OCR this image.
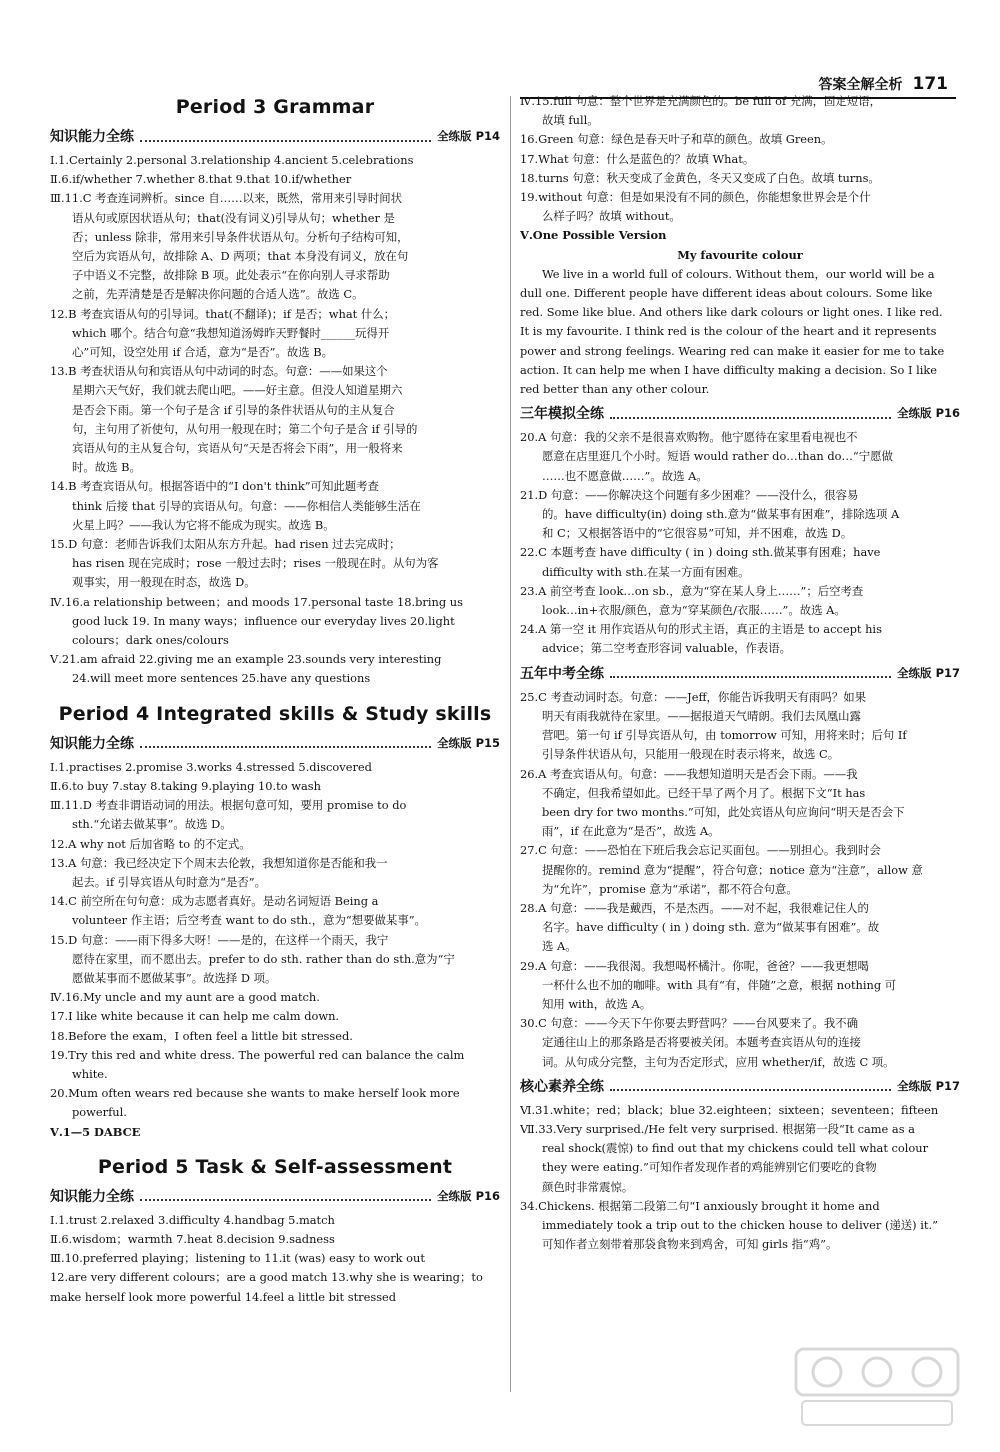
答案全解全析 171
Period 3 Grammar
知识能力全练	全练版 P14

Ⅰ.1.Certainly 2.personal 3.relationship 4.ancient 5.celebrations

Ⅱ.6.if/whether 7.whether 8.that 9.that 10.if/whether

Ⅲ.11.C 考查连词辨析。since 自……以来，既然，常用来引导时间状

语从句或原因状语从句；that(没有词义)引导从句；whether 是

否；unless 除非，常用来引导条件状语从句。分析句子结构可知，

空后为宾语从句，故排除 A、D 两项；that 本身没有词义，放在句

子中语义不完整，故排除 B 项。此处表示“在你向别人寻求帮助

之前，先弄清楚是否是解决你问题的合适人选”。故选 C。

12.B 考查宾语从句的引导词。that(不翻译)；if 是否；what 什么；

which 哪个。结合句意“我想知道汤姆昨天野餐时______玩得开

心”可知，设空处用 if 合适，意为“是否”。故选 B。

13.B 考查状语从句和宾语从句中动词的时态。句意：——如果这个

星期六天气好，我们就去爬山吧。——好主意。但没人知道星期六

是否会下雨。第一个句子是含 if 引导的条件状语从句的主从复合

句，主句用了祈使句，从句用一般现在时；第二个句子是含 if 引导的

宾语从句的主从复合句，宾语从句“天是否将会下雨”，用一般将来

时。故选 B。

14.B 考查宾语从句。根据答语中的“I don't think”可知此题考查

think 后接 that 引导的宾语从句。句意：——你相信人类能够生活在

火星上吗？——我认为它将不能成为现实。故选 B。

15.D 句意：老师告诉我们太阳从东方升起。had risen 过去完成时；

has risen 现在完成时；rose 一般过去时；rises 一般现在时。从句为客

观事实，用一般现在时态，故选 D。

Ⅳ.16.a relationship between；and moods 17.personal taste 18.bring us

good luck 19. In many ways；influence our everyday lives 20.light

colours；dark ones/colours

Ⅴ.21.am afraid 22.giving me an example 23.sounds very interesting

24.will meet more sentences 25.have any questions

Period 4 Integrated skills & Study skills
知识能力全练	全练版 P15

Ⅰ.1.practises 2.promise 3.works 4.stressed 5.discovered

Ⅱ.6.to buy 7.stay 8.taking 9.playing 10.to wash

Ⅲ.11.D 考查非谓语动词的用法。根据句意可知，要用 promise to do

sth.“允诺去做某事”。故选 D。

12.A why not 后加省略 to 的不定式。

13.A 句意：我已经决定下个周末去伦敦，我想知道你是否能和我一

起去。if 引导宾语从句时意为“是否”。

14.C 前空所在句句意：成为志愿者真好。是动名词短语 Being a

volunteer 作主语；后空考查 want to do sth.，意为“想要做某事”。

15.D 句意：——雨下得多大呀！——是的，在这样一个雨天，我宁

愿待在家里，而不愿出去。prefer to do sth. rather than do sth.意为“宁

愿做某事而不愿做某事”。故选择 D 项。

Ⅳ.16.My uncle and my aunt are a good match.

17.I like white because it can help me calm down.

18.Before the exam，I often feel a little bit stressed.

19.Try this red and white dress. The powerful red can balance the calm

white.

20.Mum often wears red because she wants to make herself look more

powerful.

Ⅴ.1—5 DABCE

Period 5 Task & Self-assessment
知识能力全练	全练版 P16

Ⅰ.1.trust 2.relaxed 3.difficulty 4.handbag 5.match

Ⅱ.6.wisdom；warmth 7.heat 8.decision 9.sadness

Ⅲ.10.preferred playing；listening to 11.it (was) easy to work out

12.are very different colours；are a good match 13.why she is wearing；to

make herself look more powerful 14.feel a little bit stressed

Ⅳ.15.full 句意：整个世界是充满颜色的。be full of 充满，固定短语，

故填 full。

16.Green 句意：绿色是春天叶子和草的颜色。故填 Green。

17.What 句意：什么是蓝色的？故填 What。

18.turns 句意：秋天变成了金黄色，冬天又变成了白色。故填 turns。

19.without 句意：但是如果没有不同的颜色，你能想象世界会是个什

么样子吗？故填 without。

Ⅴ.One Possible Version

My favourite colour

We live in a world full of colours. Without them，our world will be a

dull one. Different people have different ideas about colours. Some like

red. Some like blue. And others like dark colours or light ones. I like red.

It is my favourite. I think red is the colour of the heart and it represents

power and strong feelings. Wearing red can make it easier for me to take

action. It can help me when I have difficulty making a decision. So I like

red better than any other colour.

三年模拟全练	全练版 P16

20.A 句意：我的父亲不是很喜欢购物。他宁愿待在家里看电视也不

愿意在店里逛几个小时。短语 would rather do…than do…“宁愿做

……也不愿意做……”。故选 A。

21.D 句意：——你解决这个问题有多少困难？——没什么，很容易

的。have difficulty(in) doing sth.意为“做某事有困难”，排除选项 A

和 C；又根据答语中的“它很容易”可知，并不困难，故选 D。

22.C 本题考查 have difficulty ( in ) doing sth.做某事有困难；have

difficulty with sth.在某一方面有困难。

23.A 前空考查 look…on sb.，意为“穿在某人身上……”；后空考查

look…in+衣服/颜色，意为“穿某颜色/衣服……”。故选 A。

24.A 第一空 it 用作宾语从句的形式主语，真正的主语是 to accept his

advice；第二空考查形容词 valuable，作表语。

五年中考全练	全练版 P17

25.C 考查动词时态。句意：——Jeff，你能告诉我明天有雨吗？如果

明天有雨我就待在家里。——据报道天气晴朗。我们去凤凰山露

营吧。第一句 if 引导宾语从句，由 tomorrow 可知，用将来时；后句 If

引导条件状语从句，只能用一般现在时表示将来，故选 C。

26.A 考查宾语从句。句意：——我想知道明天是否会下雨。——我

不确定，但我希望如此。已经干旱了两个月了。根据下文“It has

been dry for two months.”可知，此处宾语从句应询问“明天是否会下

雨”，if 在此意为“是否”，故选 A。

27.C 句意：——恐怕在下班后我会忘记买面包。——别担心。我到时会

提醒你的。remind 意为“提醒”，符合句意；notice 意为“注意”，allow 意

为“允许”，promise 意为“承诺”，都不符合句意。

28.A 句意：——我是戴西，不是杰西。——对不起，我很难记住人的

名字。have difficulty ( in ) doing sth. 意为“做某事有困难”。故

选 A。

29.A 句意：——我很渴。我想喝杯橘汁。你呢，爸爸？——我更想喝

一杯什么也不加的咖啡。with 具有“有，伴随”之意，根据 nothing 可

知用 with，故选 A。

30.C 句意：——今天下午你要去野营吗？——台风要来了。我不确

定通往山上的那条路是否将要被关闭。本题考查宾语从句的连接

词。从句成分完整，主句为否定形式，应用 whether/if，故选 C 项。

核心素养全练	全练版 P17

Ⅵ.31.white；red；black；blue 32.eighteen；sixteen；seventeen；fifteen

Ⅶ.33.Very surprised./He felt very surprised. 根据第一段“It came as a

real shock(震惊) to find out that my chickens could tell what colour

they were eating.”可知作者发现作者的鸡能辨别它们要吃的食物

颜色时非常震惊。

34.Chickens. 根据第二段第二句“I anxiously brought it home and

immediately took a trip out to the chicken house to deliver (递送) it.”

可知作者立刻带着那袋食物来到鸡舍，可知 girls 指“鸡”。
